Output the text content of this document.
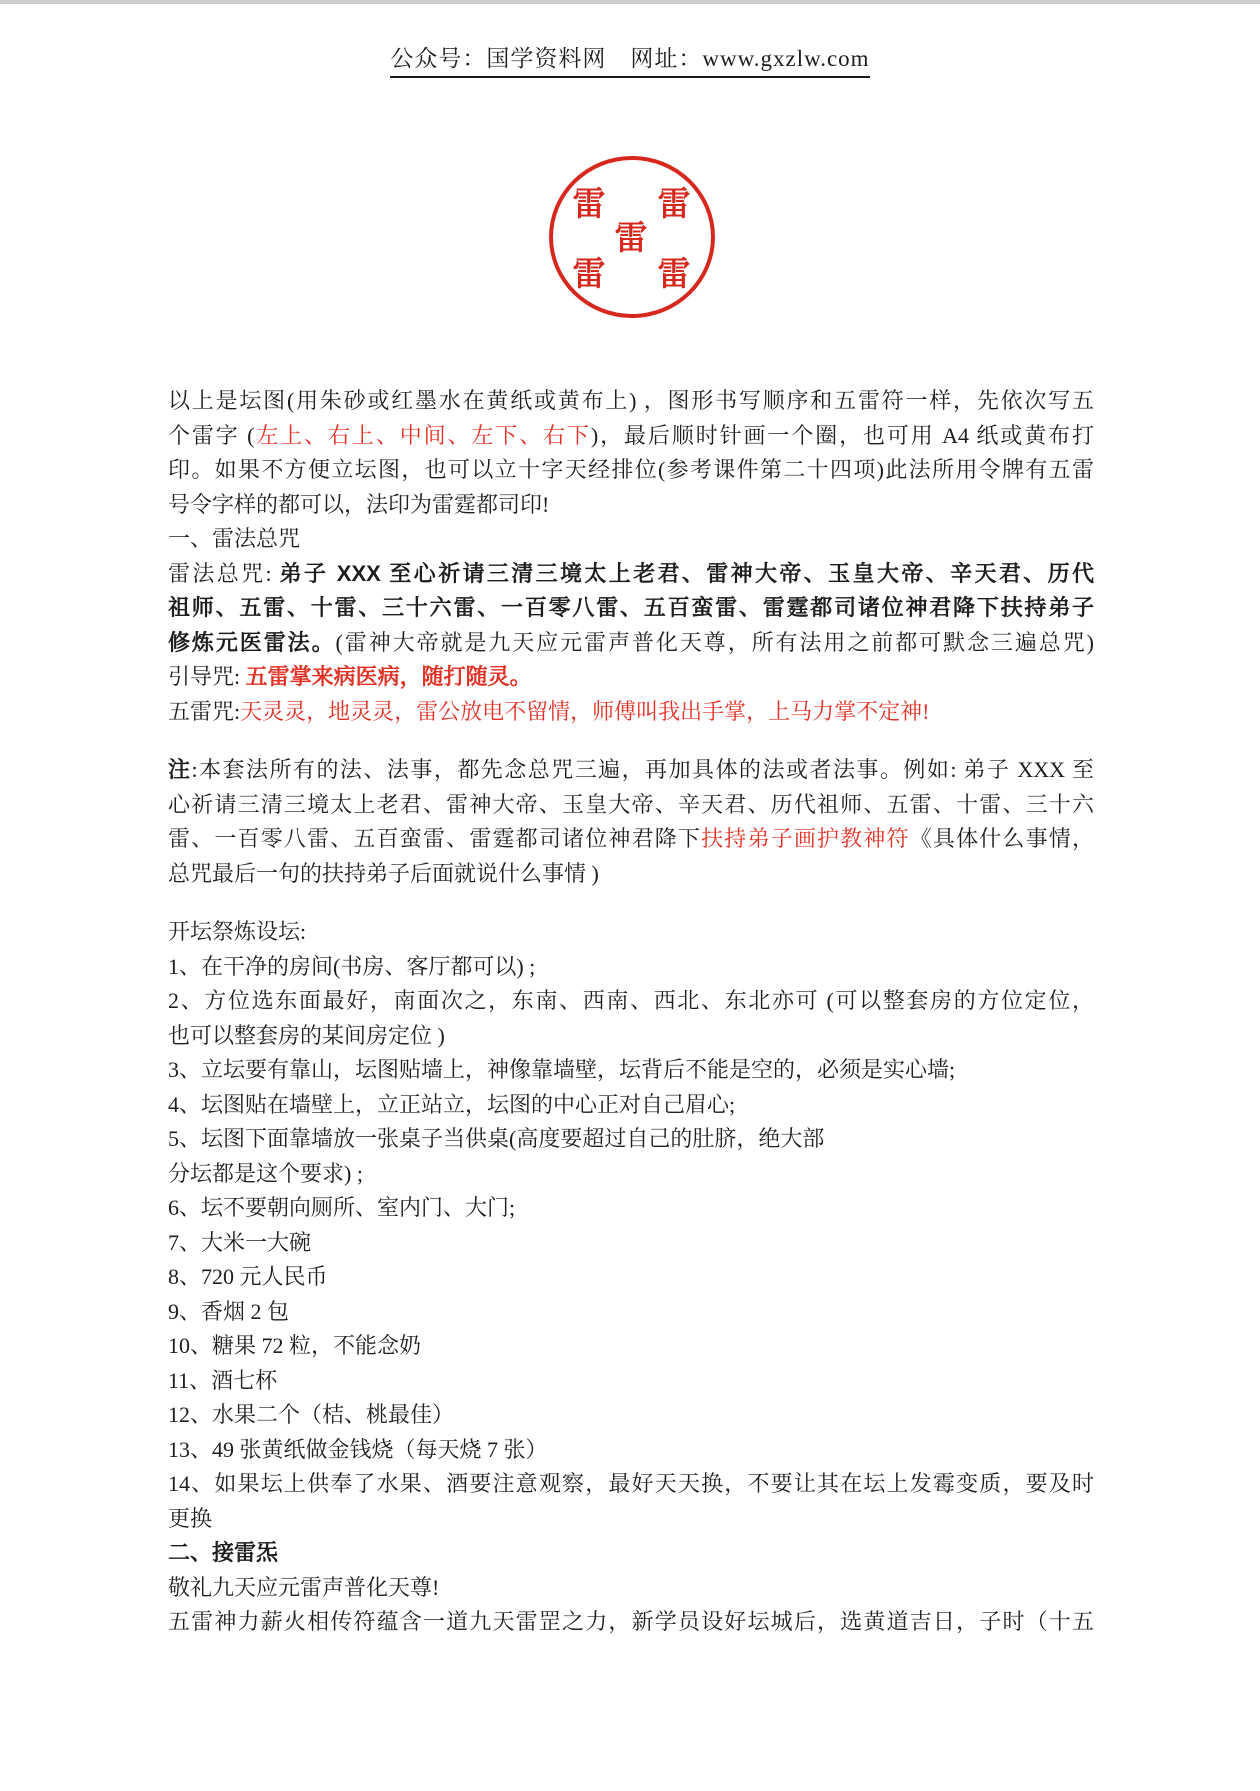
公众号：国学资料网　网址：www.gxzlw.com
雷 雷
雷
雷 雷
以上是坛图(用朱砂或红墨水在黄纸或黄布上) ，图形书写顺序和五雷符一样，先依次写五
个雷字 (左上、右上、中间、左下、右下)，最后顺时针画一个圈，也可用 A4 纸或黄布打
印。如果不方便立坛图，也可以立十字天经排位(参考课件第二十四项)此法所用令牌有五雷
号令字样的都可以，法印为雷霆都司印!
一、雷法总咒
雷法总咒: 弟子 XXX 至心祈请三清三境太上老君、雷神大帝、玉皇大帝、辛天君、历代
祖师、五雷、十雷、三十六雷、一百零八雷、五百蛮雷、雷霆都司诸位神君降下扶持弟子
修炼元医雷法。(雷神大帝就是九天应元雷声普化天尊，所有法用之前都可默念三遍总咒)
引导咒: 五雷掌来病医病，随打随灵。
五雷咒:天灵灵，地灵灵，雷公放电不留情，师傅叫我出手掌，上马力掌不定神!
注:本套法所有的法、法事，都先念总咒三遍，再加具体的法或者法事。例如: 弟子 XXX 至
心祈请三清三境太上老君、雷神大帝、玉皇大帝、辛天君、历代祖师、五雷、十雷、三十六
雷、一百零八雷、五百蛮雷、雷霆都司诸位神君降下扶持弟子画护教神符《具体什么事情，
总咒最后一句的扶持弟子后面就说什么事情 )
开坛祭炼设坛:
1、在干净的房间(书房、客厅都可以) ;
2、方位选东面最好，南面次之，东南、西南、西北、东北亦可 (可以整套房的方位定位，
也可以整套房的某间房定位 )
3、立坛要有靠山，坛图贴墙上，神像靠墙壁，坛背后不能是空的，必须是实心墙;
4、坛图贴在墙壁上，立正站立，坛图的中心正对自己眉心;
5、坛图下面靠墙放一张桌子当供桌(高度要超过自己的肚脐，绝大部
分坛都是这个要求) ;
6、坛不要朝向厕所、室内门、大门;
7、大米一大碗
8、720 元人民币
9、香烟 2 包
10、糖果 72 粒，不能念奶
11、酒七杯
12、水果二个（桔、桃最佳）
13、49 张黄纸做金钱烧（每天烧 7 张）
14、如果坛上供奉了水果、酒要注意观察，最好天天换，不要让其在坛上发霉变质，要及时
更换
二、接雷炁
敬礼九天应元雷声普化天尊!
五雷神力薪火相传符蕴含一道九天雷罡之力，新学员设好坛城后，选黄道吉日，子时（十五
